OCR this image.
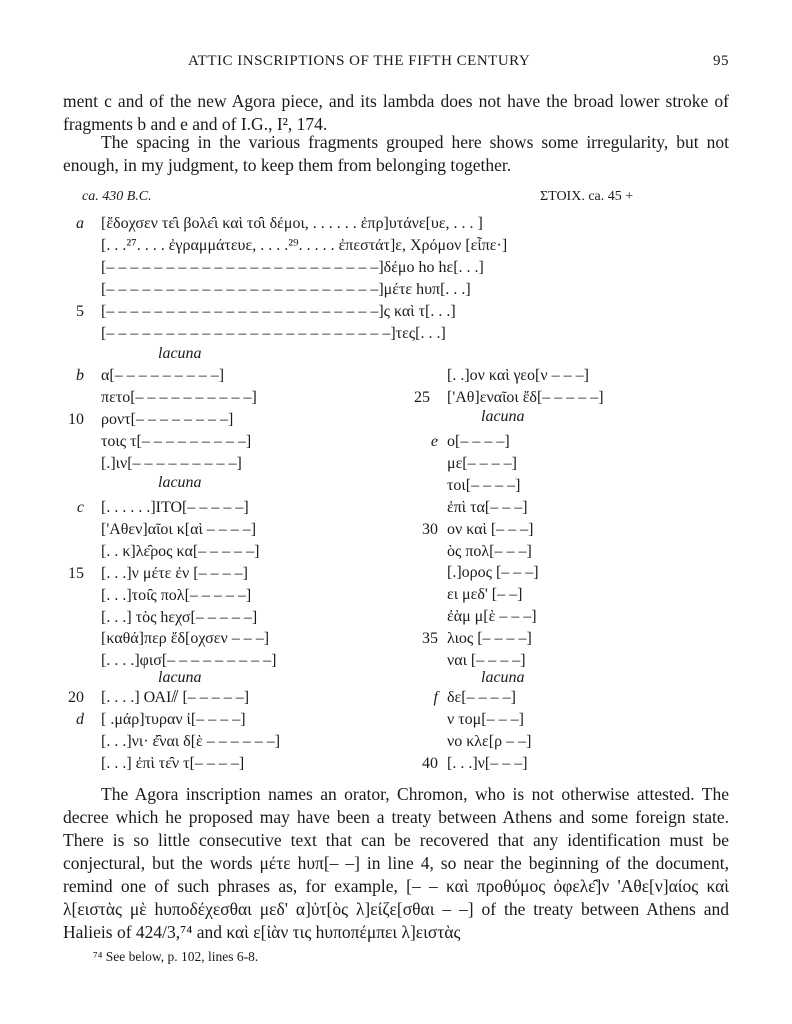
ATTIC INSCRIPTIONS OF THE FIFTH CENTURY	95

ment c and of the new Agora piece, and its lambda does not have the broad lower stroke of fragments b and e and of I.G., I², 174.

The spacing in the various fragments grouped here shows some irregularity, but not enough, in my judgment, to keep them from belonging together.

ca. 430 B.C.	ΣΤΟΙΧ. ca. 45 +
a [ἔδοχσεν τε̑ι βολε̑ι καὶ το̑ι δέμοι, . . . . . . ἐπρ]υτάνε[υε, . . . ]
[. . .²⁷. . . . ἐγραμμάτευε, . . . .²⁹. . . . . ἐπεστάτ]ε, Χρόμον [εἶπε·]
[– – – – – – – – – – – – – – – – – – – – – – –]δέμο ho hε[. . .]
[– – – – – – – – – – – – – – – – – – – – – – –]μέτε hυπ[. . .]
5 [– – – – – – – – – – – – – – – – – – – – – – –]ς καὶ τ[. . .]
[– – – – – – – – – – – – – – – – – – – – – – – –]τες[. . .]
lacuna
b α[– – – – – – – – –]
πετο[– – – – – – – – – –]
10 ροντ[– – – – – – – –]
τοις τ[– – – – – – – – –]
[.]ιν[– – – – – – – – –]
lacuna
c [. . . . . .]ΙΤΟ[– – – – –]
['Αθεν]αῖοι κ[αὶ – – – –]
[. . κ]λε̑ρος κα[– – – – –]
15 [. . .]ν μέτε ἐν [– – – –]
[. . .]τοι̑ς πολ[– – – – –]
[. . .] τὸς hεχσ[– – – – –]
[καθά]περ ἔδ[οχσεν – – –]
[. . . .]φισ[– – – – – – – – –]
lacuna
20 [. . . .] ΟΑΙ⫽ [– – – – –]
d [ .μάρ]τυραν ἰ[– – – –]
[. . .]νι· ἐ̑ναι δ[ὲ – – – – – –]
[. . .] ἐπὶ τε̑ν τ[– – – –]
[. .]ον καὶ γεο[ν – – –]
25 ['Αθ]εναῖοι ἔδ[– – – – –]
lacuna
e ο[– – – –]
με[– – – –]
τοι[– – – –]
ἐπὶ τα[– – –]
30 ον καὶ [– – –]
ὸς πολ[– – –]
[.]ορος [– – –]
ει μεδ' [– –]
ἐὰμ μ[ὲ – – –]
35 λιος [– – – –]
ναι [– – – –]
lacuna
f δε[– – – –]
ν τομ[– – –]
νο κλε[ρ – –]
40 [. . .]ν[– – –]

The Agora inscription names an orator, Chromon, who is not otherwise attested. The decree which he proposed may have been a treaty between Athens and some foreign state. There is so little consecutive text that can be recovered that any identification must be conjectural, but the words μέτε hυπ[– –] in line 4, so near the beginning of the document, remind one of such phrases as, for example, [– – καὶ προθύμος ὀφελε̑]ν 'Αθε[ν]αίος καὶ λ[ειστὰς μὲ hυποδέχεσθαι μεδ' α]ὐτ[ὸς λ]είζε[σθαι – –] of the treaty between Athens and Halieis of 424/3,⁷⁴ and καὶ ε[ἰὰν τις hυποπέμπει λ]ειστὰς

⁷⁴ See below, p. 102, lines 6-8.
